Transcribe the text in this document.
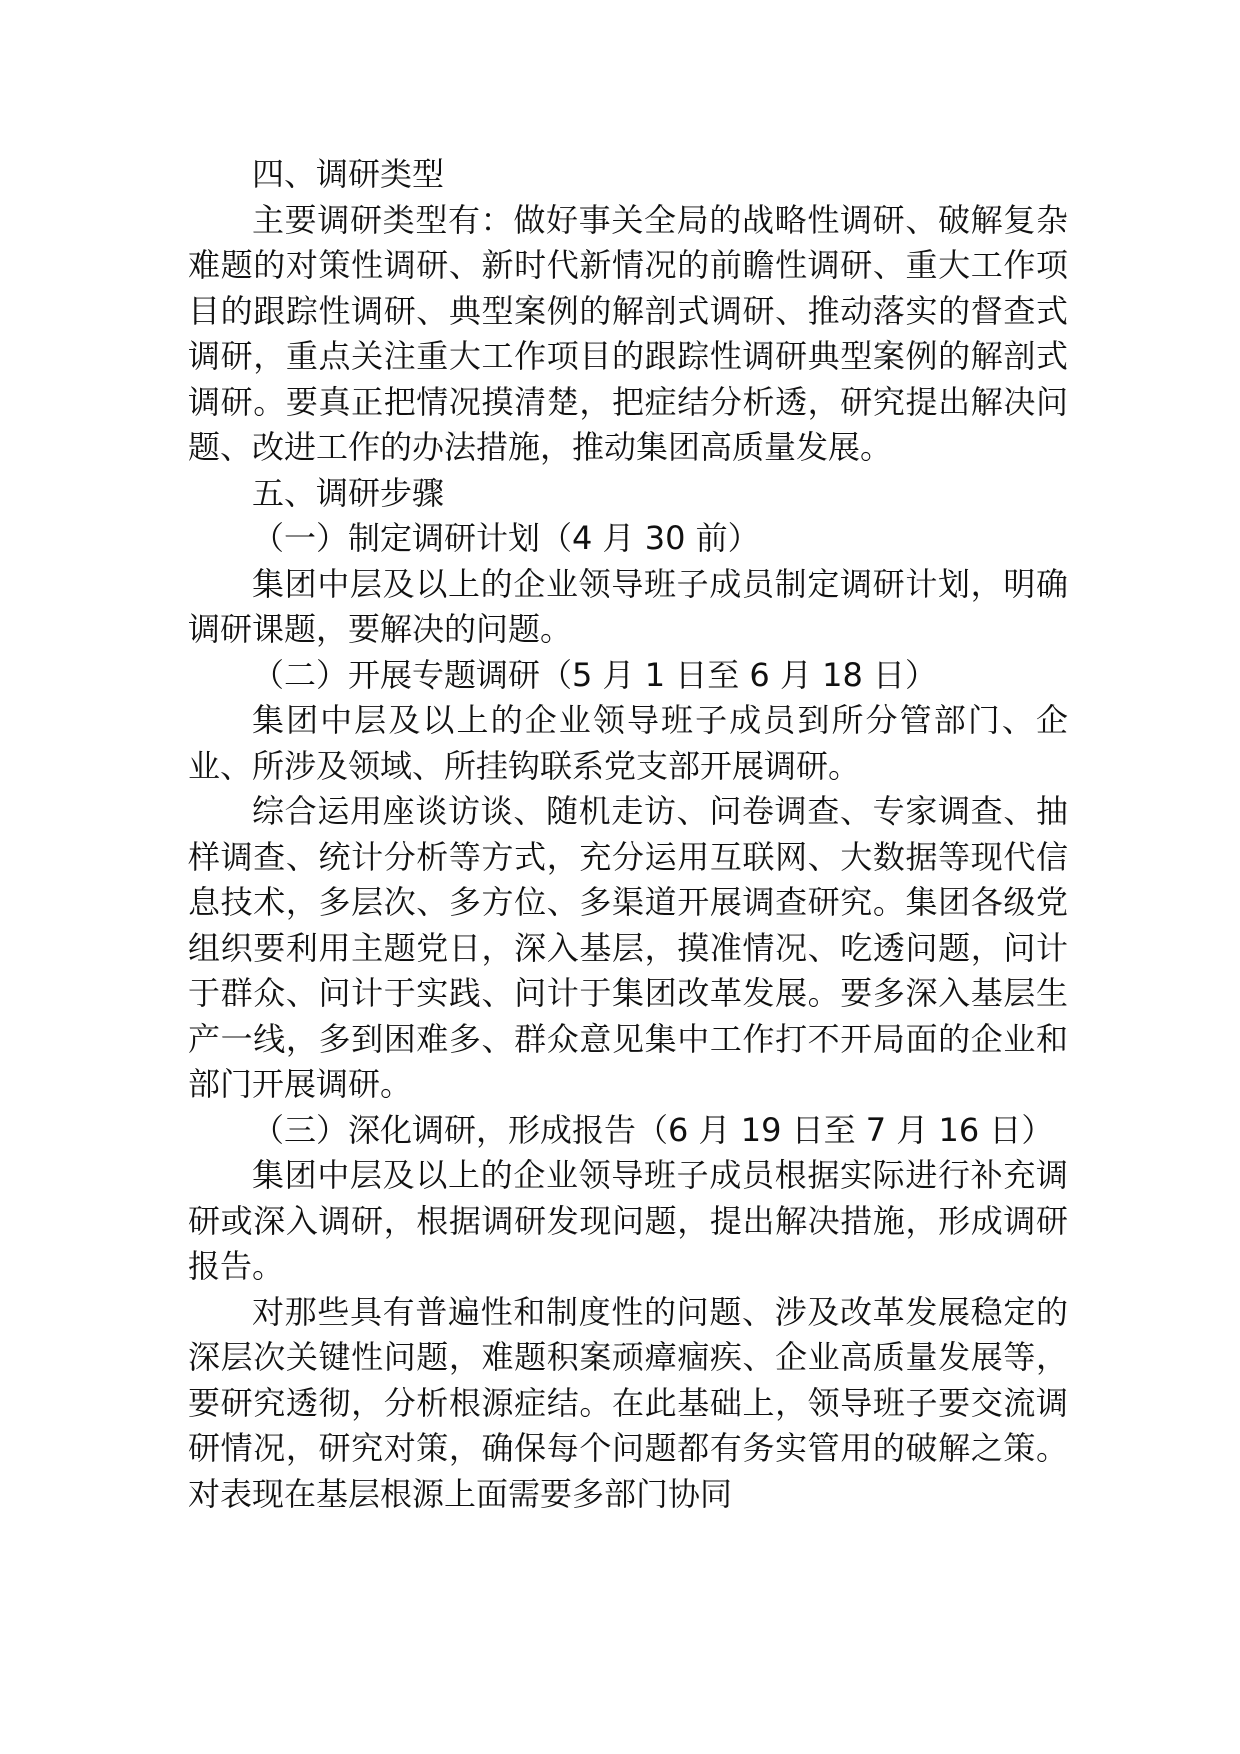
四、调研类型

主要调研类型有：做好事关全局的战略性调研、破解复杂难题的对策性调研、新时代新情况的前瞻性调研、重大工作项目的跟踪性调研、典型案例的解剖式调研、推动落实的督查式调研，重点关注重大工作项目的跟踪性调研典型案例的解剖式调研。要真正把情况摸清楚，把症结分析透，研究提出解决问题、改进工作的办法措施，推动集团高质量发展。

五、调研步骤

（一）制定调研计划（4 月 30 前）

集团中层及以上的企业领导班子成员制定调研计划，明确调研课题，要解决的问题。

（二）开展专题调研（5 月 1 日至 6 月 18 日）

集团中层及以上的企业领导班子成员到所分管部门、企业、所涉及领域、所挂钩联系党支部开展调研。

综合运用座谈访谈、随机走访、问卷调查、专家调查、抽样调查、统计分析等方式，充分运用互联网、大数据等现代信息技术，多层次、多方位、多渠道开展调查研究。集团各级党组织要利用主题党日，深入基层，摸准情况、吃透问题，问计于群众、问计于实践、问计于集团改革发展。要多深入基层生产一线，多到困难多、群众意见集中工作打不开局面的企业和部门开展调研。

（三）深化调研，形成报告（6 月 19 日至 7 月 16 日）

集团中层及以上的企业领导班子成员根据实际进行补充调研或深入调研，根据调研发现问题，提出解决措施，形成调研报告。

对那些具有普遍性和制度性的问题、涉及改革发展稳定的深层次关键性问题，难题积案顽瘴痼疾、企业高质量发展等，要研究透彻，分析根源症结。在此基础上，领导班子要交流调研情况，研究对策，确保每个问题都有务实管用的破解之策。对表现在基层根源上面需要多部门协同
